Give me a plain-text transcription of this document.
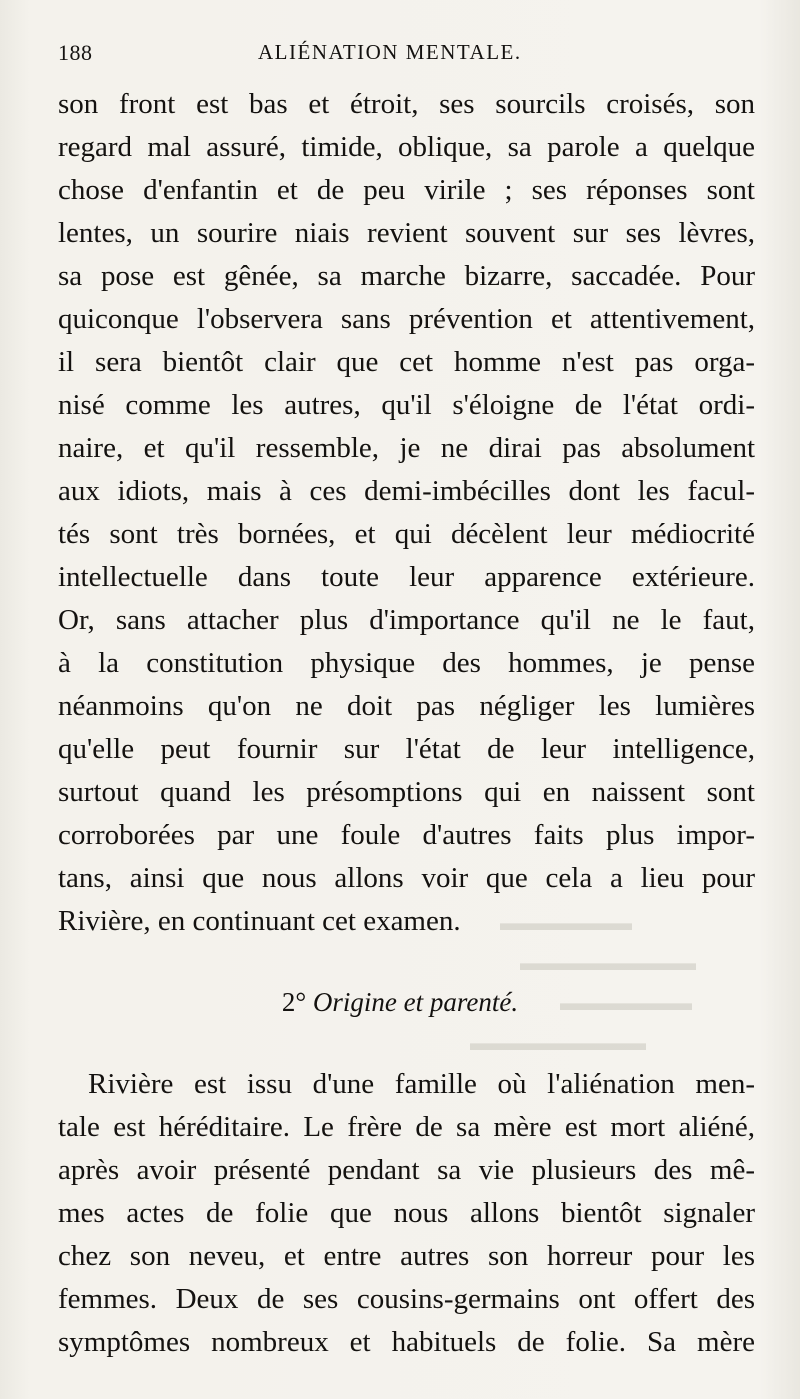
188	ALIÉNATION MENTALE.
▬▬▬▬▬▬
▬▬▬▬▬▬▬▬
▬▬▬▬▬▬
▬▬▬▬▬▬▬▬
son front est bas et étroit, ses sourcils croisés, son
regard mal assuré, timide, oblique, sa parole a quelque
chose d'enfantin et de peu virile ; ses réponses sont
lentes, un sourire niais revient souvent sur ses lèvres,
sa pose est gênée, sa marche bizarre, saccadée. Pour
quiconque l'observera sans prévention et attentivement,
il sera bientôt clair que cet homme n'est pas orga-
nisé comme les autres, qu'il s'éloigne de l'état ordi-
naire, et qu'il ressemble, je ne dirai pas absolument
aux idiots, mais à ces demi-imbécilles dont les facul-
tés sont très bornées, et qui décèlent leur médiocrité
intellectuelle dans toute leur apparence extérieure.
Or, sans attacher plus d'importance qu'il ne le faut,
à la constitution physique des hommes, je pense
néanmoins qu'on ne doit pas négliger les lumières
qu'elle peut fournir sur l'état de leur intelligence,
surtout quand les présomptions qui en naissent sont
corroborées par une foule d'autres faits plus impor-
tans, ainsi que nous allons voir que cela a lieu pour
Rivière, en continuant cet examen.
2° Origine et parenté.
Rivière est issu d'une famille où l'aliénation men-
tale est héréditaire. Le frère de sa mère est mort aliéné,
après avoir présenté pendant sa vie plusieurs des mê-
mes actes de folie que nous allons bientôt signaler
chez son neveu, et entre autres son horreur pour les
femmes. Deux de ses cousins-germains ont offert des
symptômes nombreux et habituels de folie. Sa mère
